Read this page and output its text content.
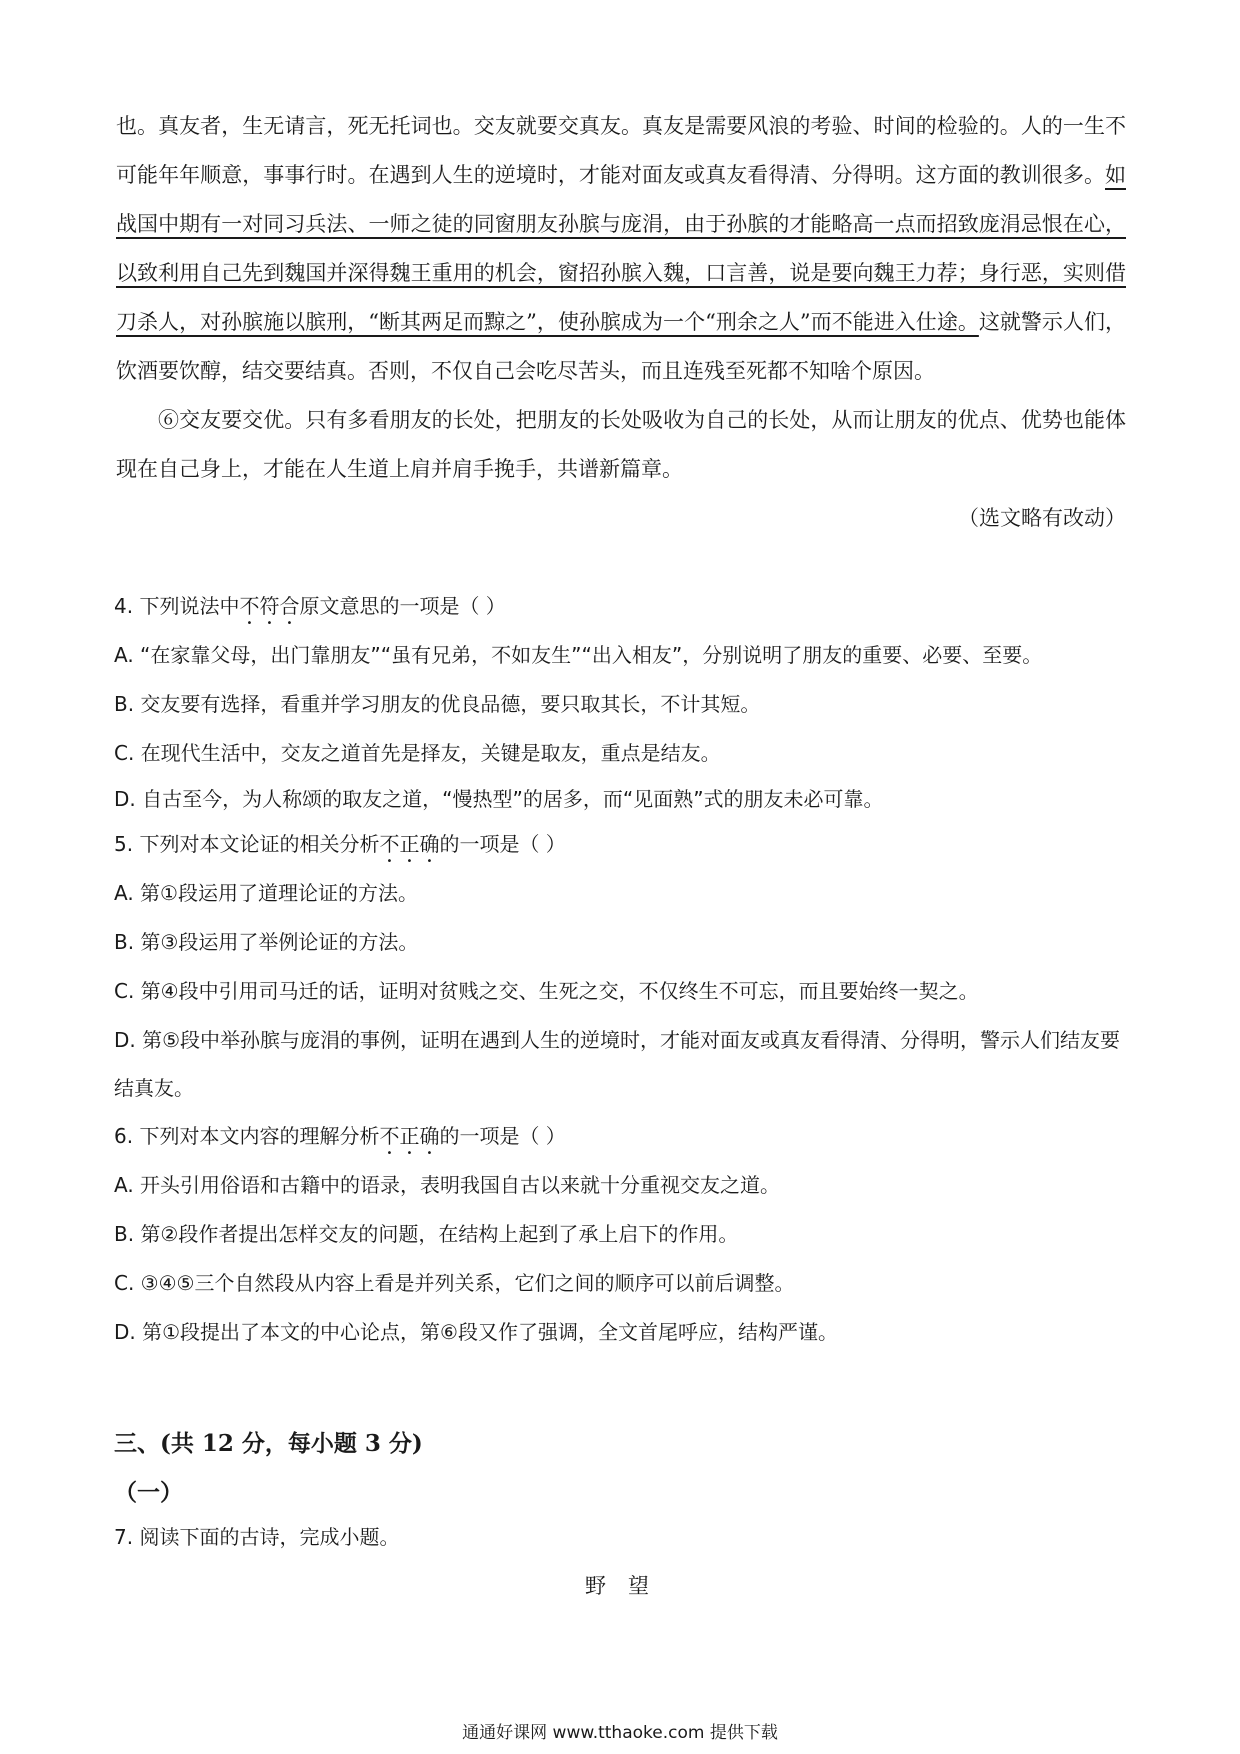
也。真友者，生无请言，死无托词也。交友就要交真友。真友是需要风浪的考验、时间的检验的。人的一生不可能年年顺意，事事行时。在遇到人生的逆境时，才能对面友或真友看得清、分得明。这方面的教训很多。如战国中期有一对同习兵法、一师之徒的同窗朋友孙膑与庞涓，由于孙膑的才能略高一点而招致庞涓忌恨在心，以致利用自己先到魏国并深得魏王重用的机会，窗招孙膑入魏，口言善，说是要向魏王力荐；身行恶，实则借刀杀人，对孙膑施以膑刑，“断其两足而黥之”，使孙膑成为一个“刑余之人”而不能进入仕途。这就警示人们，饮酒要饮醇，结交要结真。否则，不仅自己会吃尽苦头，而且连残至死都不知啥个原因。

⑥交友要交优。只有多看朋友的长处，把朋友的长处吸收为自己的长处，从而让朋友的优点、优势也能体现在自己身上，才能在人生道上肩并肩手挽手，共谱新篇章。

（选文略有改动）

4. 下列说法中不符合原文意思的一项是（ ）

A. “在家靠父母，出门靠朋友”“虽有兄弟，不如友生”“出入相友”，分别说明了朋友的重要、必要、至要。

B. 交友要有选择，看重并学习朋友的优良品德，要只取其长，不计其短。

C. 在现代生活中，交友之道首先是择友，关键是取友，重点是结友。

D. 自古至今，为人称颂的取友之道，“慢热型”的居多，而“见面熟”式的朋友未必可靠。

5. 下列对本文论证的相关分析不正确的一项是（ ）

A. 第①段运用了道理论证的方法。

B. 第③段运用了举例论证的方法。

C. 第④段中引用司马迁的话，证明对贫贱之交、生死之交，不仅终生不可忘，而且要始终一契之。

D. 第⑤段中举孙膑与庞涓的事例，证明在遇到人生的逆境时，才能对面友或真友看得清、分得明，警示人们结友要结真友。

6. 下列对本文内容的理解分析不正确的一项是（ ）

A. 开头引用俗语和古籍中的语录，表明我国自古以来就十分重视交友之道。

B. 第②段作者提出怎样交友的问题，在结构上起到了承上启下的作用。

C. ③④⑤三个自然段从内容上看是并列关系，它们之间的顺序可以前后调整。

D. 第①段提出了本文的中心论点，第⑥段又作了强调，全文首尾呼应，结构严谨。

三、(共 12 分，每小题 3 分)
（一）
7. 阅读下面的古诗，完成小题。
野望
通通好课网 www.tthaoke.com 提供下载
